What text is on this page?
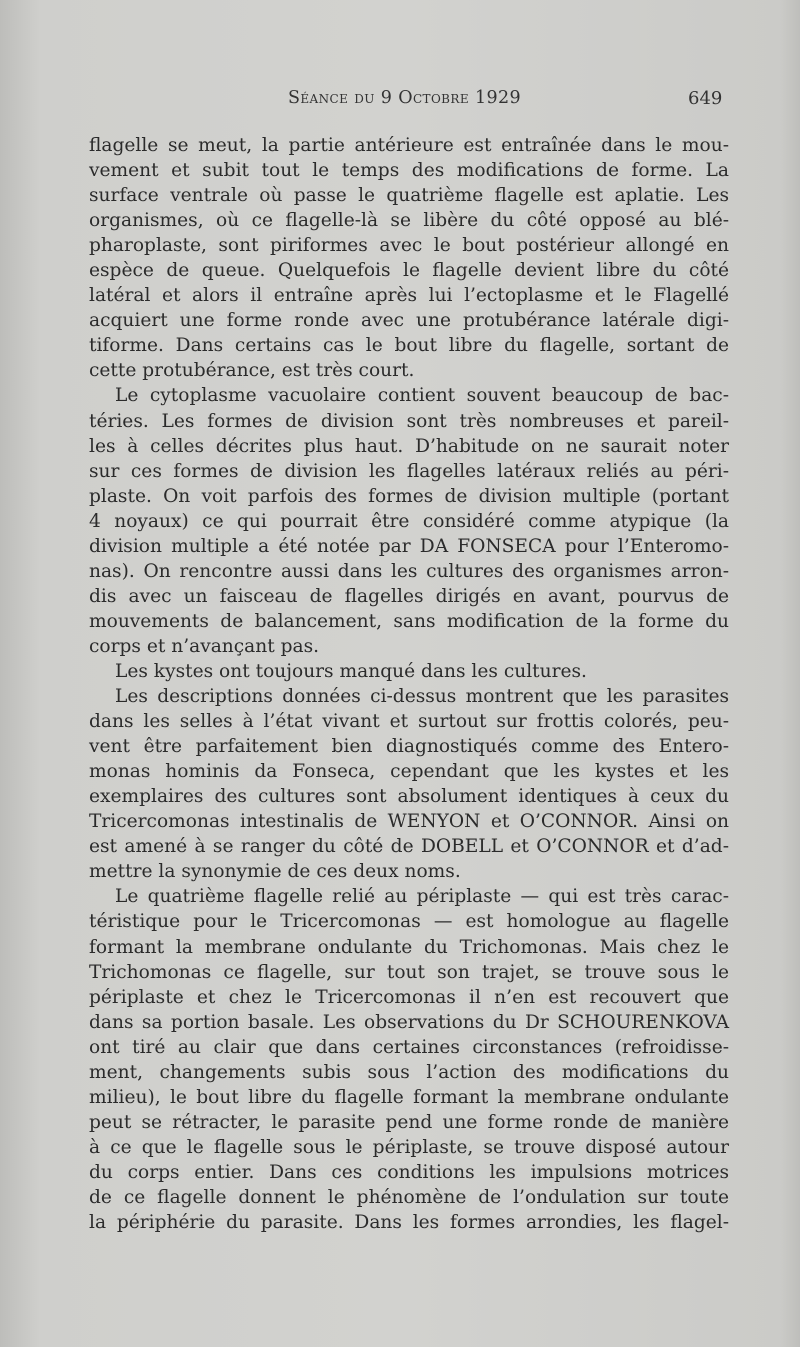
Séance du 9 Octobre 1929	649
flagelle se meut, la partie antérieure est entraînée dans le mou-
vement et subit tout le temps des modifications de forme. La
surface ventrale où passe le quatrième flagelle est aplatie. Les
organismes, où ce flagelle-là se libère du côté opposé au blé-
pharoplaste, sont piriformes avec le bout postérieur allongé en
espèce de queue. Quelquefois le flagelle devient libre du côté
latéral et alors il entraîne après lui l’ectoplasme et le Flagellé
acquiert une forme ronde avec une protubérance latérale digi-
tiforme. Dans certains cas le bout libre du flagelle, sortant de
cette protubérance, est très court.
Le cytoplasme vacuolaire contient souvent beaucoup de bac-
téries. Les formes de division sont très nombreuses et pareil-
les à celles décrites plus haut. D’habitude on ne saurait noter
sur ces formes de division les flagelles latéraux reliés au péri-
plaste. On voit parfois des formes de division multiple (portant
4 noyaux) ce qui pourrait être considéré comme atypique (la
division multiple a été notée par DA FONSECA pour l’Enteromo-
nas). On rencontre aussi dans les cultures des organismes arron-
dis avec un faisceau de flagelles dirigés en avant, pourvus de
mouvements de balancement, sans modification de la forme du
corps et n’avançant pas.
Les kystes ont toujours manqué dans les cultures.
Les descriptions données ci-dessus montrent que les parasites
dans les selles à l’état vivant et surtout sur frottis colorés, peu-
vent être parfaitement bien diagnostiqués comme des Entero-
monas hominis da Fonseca, cependant que les kystes et les
exemplaires des cultures sont absolument identiques à ceux du
Tricercomonas intestinalis de WENYON et O’CONNOR. Ainsi on
est amené à se ranger du côté de DOBELL et O’CONNOR et d’ad-
mettre la synonymie de ces deux noms.
Le quatrième flagelle relié au périplaste — qui est très carac-
téristique pour le Tricercomonas — est homologue au flagelle
formant la membrane ondulante du Trichomonas. Mais chez le
Trichomonas ce flagelle, sur tout son trajet, se trouve sous le
périplaste et chez le Tricercomonas il n’en est recouvert que
dans sa portion basale. Les observations du Dr SCHOURENKOVA
ont tiré au clair que dans certaines circonstances (refroidisse-
ment, changements subis sous l’action des modifications du
milieu), le bout libre du flagelle formant la membrane ondulante
peut se rétracter, le parasite pend une forme ronde de manière
à ce que le flagelle sous le périplaste, se trouve disposé autour
du corps entier. Dans ces conditions les impulsions motrices
de ce flagelle donnent le phénomène de l’ondulation sur toute
la périphérie du parasite. Dans les formes arrondies, les flagel-
